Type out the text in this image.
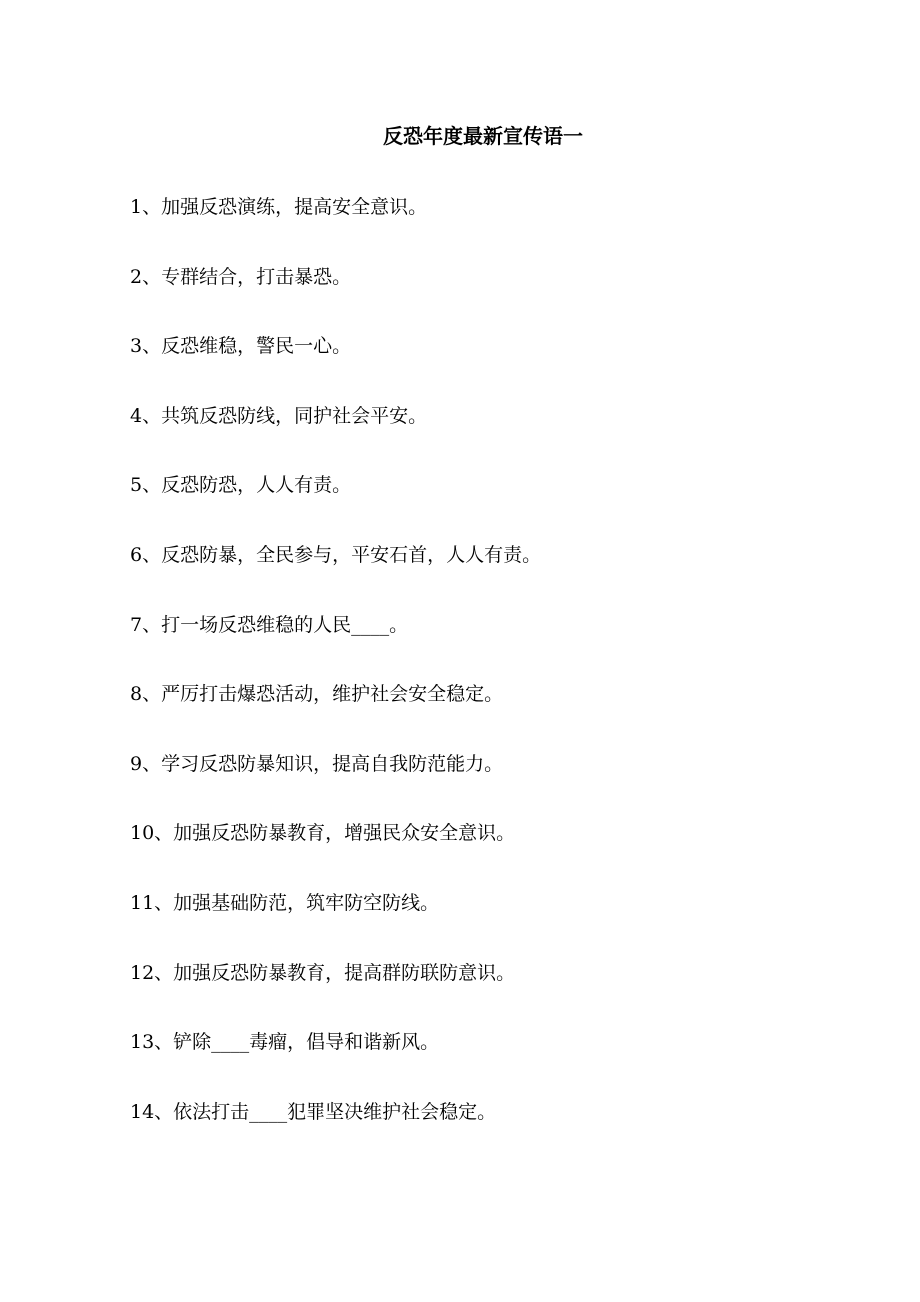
反恐年度最新宣传语一
1、加强反恐演练，提高安全意识。
2、专群结合，打击暴恐。
3、反恐维稳，警民一心。
4、共筑反恐防线，同护社会平安。
5、反恐防恐，人人有责。
6、反恐防暴，全民参与，平安石首，人人有责。
7、打一场反恐维稳的人民____。
8、严厉打击爆恐活动，维护社会安全稳定。
9、学习反恐防暴知识，提高自我防范能力。
10、加强反恐防暴教育，增强民众安全意识。
11、加强基础防范，筑牢防空防线。
12、加强反恐防暴教育，提高群防联防意识。
13、铲除____毒瘤，倡导和谐新风。
14、依法打击____犯罪坚决维护社会稳定。
